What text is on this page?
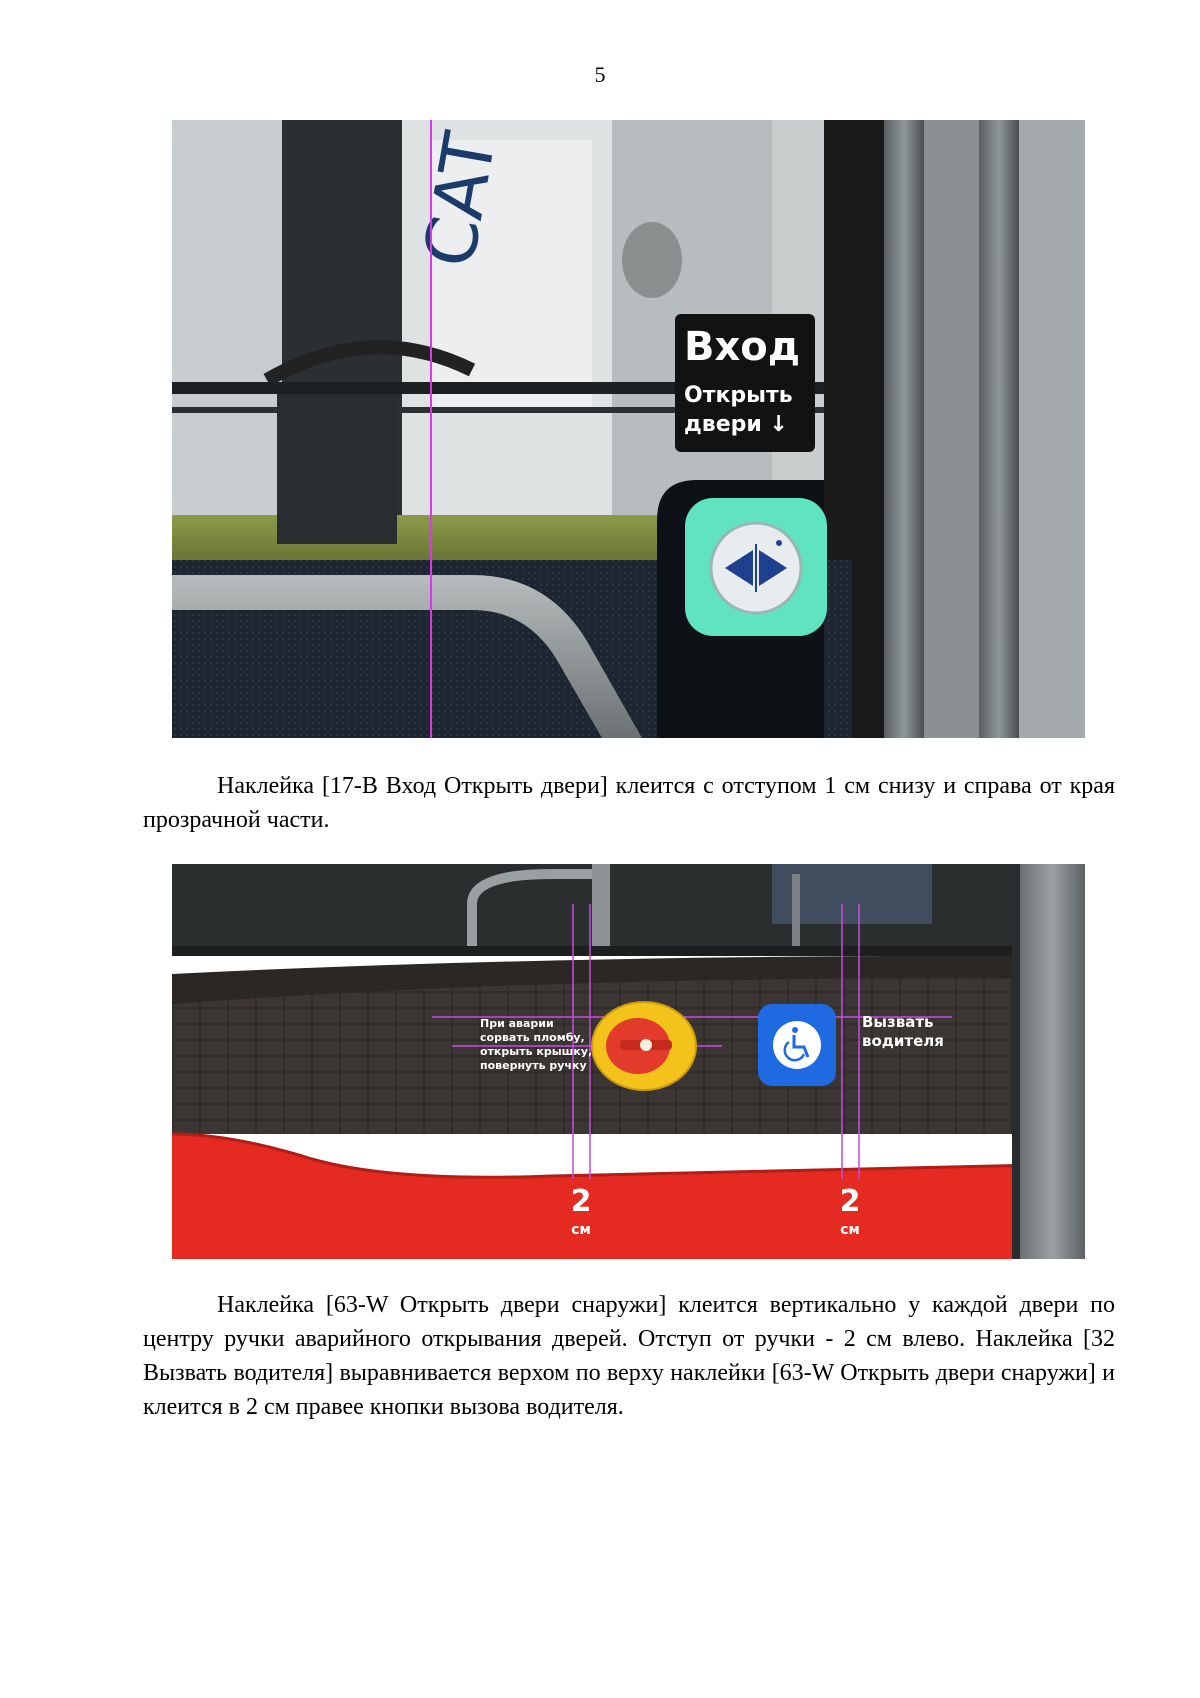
5
CAT
Вход
Открыть
двери ↓

Наклейка [17-В Вход Открыть двери] клеится с отступом 1 см снизу и справа от края прозрачной части.

При аварии
сорвать пломбу,
открыть крышку,
повернуть ручку
Вызвать
водителя
2
см
2
см

Наклейка [63-W Открыть двери снаружи] клеится вертикально у каждой двери по центру ручки аварийного открывания дверей. Отступ от ручки - 2 см влево. Наклейка [32 Вызвать водителя] выравнивается верхом по верху наклейки [63-W Открыть двери снаружи] и клеится в 2 см правее кнопки вызова водителя.
